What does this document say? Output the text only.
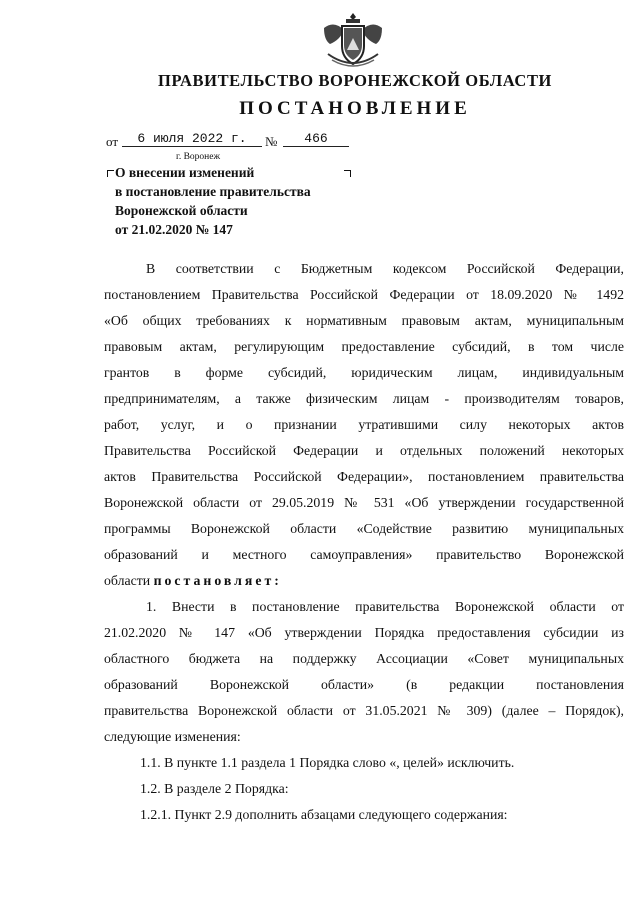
ПРАВИТЕЛЬСТВО ВОРОНЕЖСКОЙ ОБЛАСТИ
ПОСТАНОВЛЕНИЕ
от	6 июля 2022 г.	№	466
г. Воронеж
О внесении изменений
в постановление правительства
Воронежской области
от 21.02.2020 № 147
В соответствии с Бюджетным кодексом Российской Федерации,
постановлением Правительства Российской Федерации от 18.09.2020 № 1492
«Об общих требованиях к нормативным правовым актам, муниципальным
правовым актам, регулирующим предоставление субсидий, в том числе
грантов в форме субсидий, юридическим лицам, индивидуальным
предпринимателям, а также физическим лицам - производителям товаров,
работ, услуг, и о признании утратившими силу некоторых актов
Правительства Российской Федерации и отдельных положений некоторых
актов Правительства Российской Федерации», постановлением правительства
Воронежской области от 29.05.2019 № 531 «Об утверждении государственной
программы Воронежской области «Содействие развитию муниципальных
образований и местного самоуправления» правительство Воронежской
области постановляет:
1. Внести в постановление правительства Воронежской области от
21.02.2020 № 147 «Об утверждении Порядка предоставления субсидии из
областного бюджета на поддержку Ассоциации «Совет муниципальных
образований Воронежской области» (в редакции постановления
правительства Воронежской области от 31.05.2021 № 309) (далее – Порядок),
следующие изменения:
1.1. В пункте 1.1 раздела 1 Порядка слово «, целей» исключить.
1.2. В разделе 2 Порядка:
1.2.1. Пункт 2.9 дополнить абзацами следующего содержания:
